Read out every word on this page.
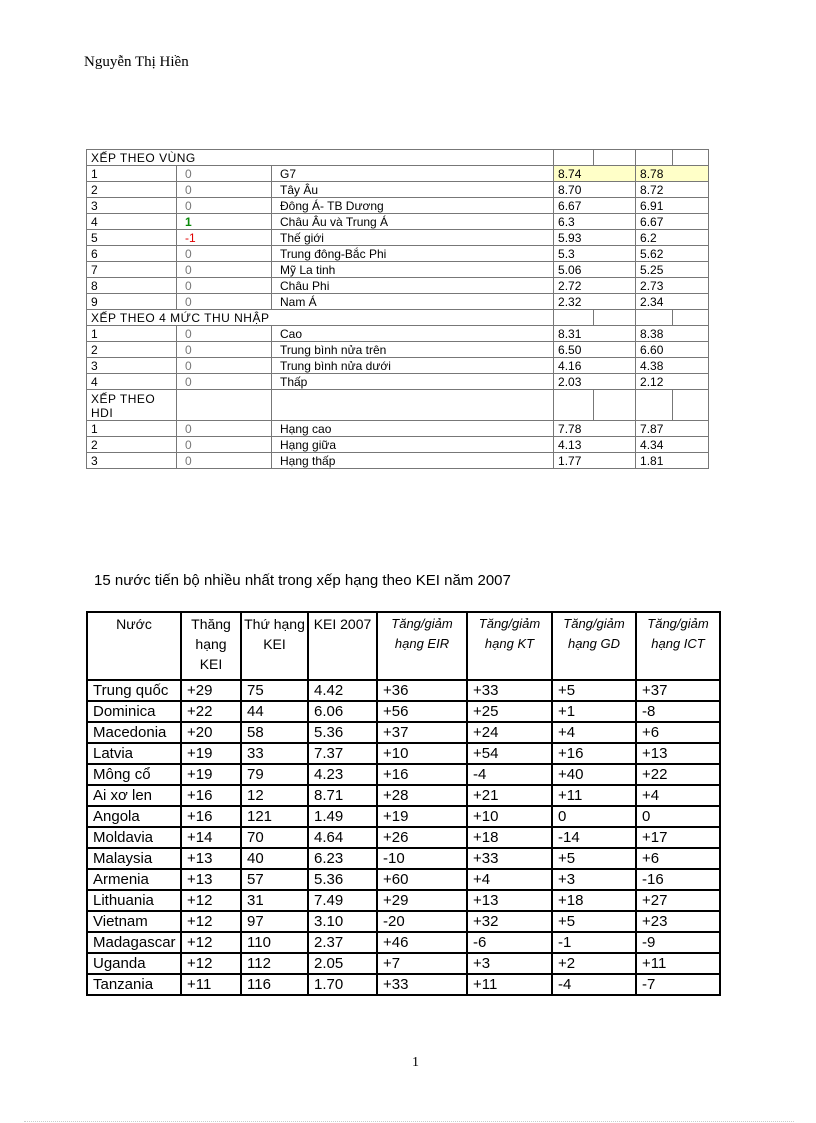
Nguyễn Thị Hiền
XẾP THEO VÙNG						
1	0	G7	8.74		8.78	
2	0	Tây Âu	8.70		8.72	
3	0	Đông Á- TB Dương	6.67		6.91	
4	1	Châu Âu và Trung Á	6.3		6.67	
5	-1	Thế giới	5.93		6.2	
6	0	Trung đông-Bắc Phi	5.3		5.62	
7	0	Mỹ La tinh	5.06		5.25	
8	0	Châu Phi	2.72		2.73	
9	0	Nam Á	2.32		2.34	
XẾP THEO 4 MỨC THU NHẬP						
1	0	Cao	8.31		8.38	
2	0	Trung bình nửa trên	6.50		6.60	
3	0	Trung bình nửa dưới	4.16		4.38	
4	0	Thấp	2.03		2.12	
XẾP THEO HDI						
1	0	Hạng cao	7.78		7.87	
2	0	Hạng giữa	4.13		4.34	
3	0	Hạng thấp	1.77		1.81	
15 nước tiến bộ nhiều nhất trong xếp hạng theo KEI năm 2007
Nước	Thăng hạng KEI	Thứ hạng KEI	KEI 2007	Tăng/giảm hạng EIR	Tăng/giảm hạng KT	Tăng/giảm hạng GD	Tăng/giảm hạng ICT
Trung quốc	+29	75	4.42	+36	+33	+5	+37
Dominica	+22	44	6.06	+56	+25	+1	-8
Macedonia	+20	58	5.36	+37	+24	+4	+6
Latvia	+19	33	7.37	+10	+54	+16	+13
Mông cổ	+19	79	4.23	+16	-4	+40	+22
Ai xơ len	+16	12	8.71	+28	+21	+11	+4
Angola	+16	121	1.49	+19	+10	0	0
Moldavia	+14	70	4.64	+26	+18	-14	+17
Malaysia	+13	40	6.23	-10	+33	+5	+6
Armenia	+13	57	5.36	+60	+4	+3	-16
Lithuania	+12	31	7.49	+29	+13	+18	+27
Vietnam	+12	97	3.10	-20	+32	+5	+23
Madagascar	+12	110	2.37	+46	-6	-1	-9
Uganda	+12	112	2.05	+7	+3	+2	+11
Tanzania	+11	116	1.70	+33	+11	-4	-7
1
